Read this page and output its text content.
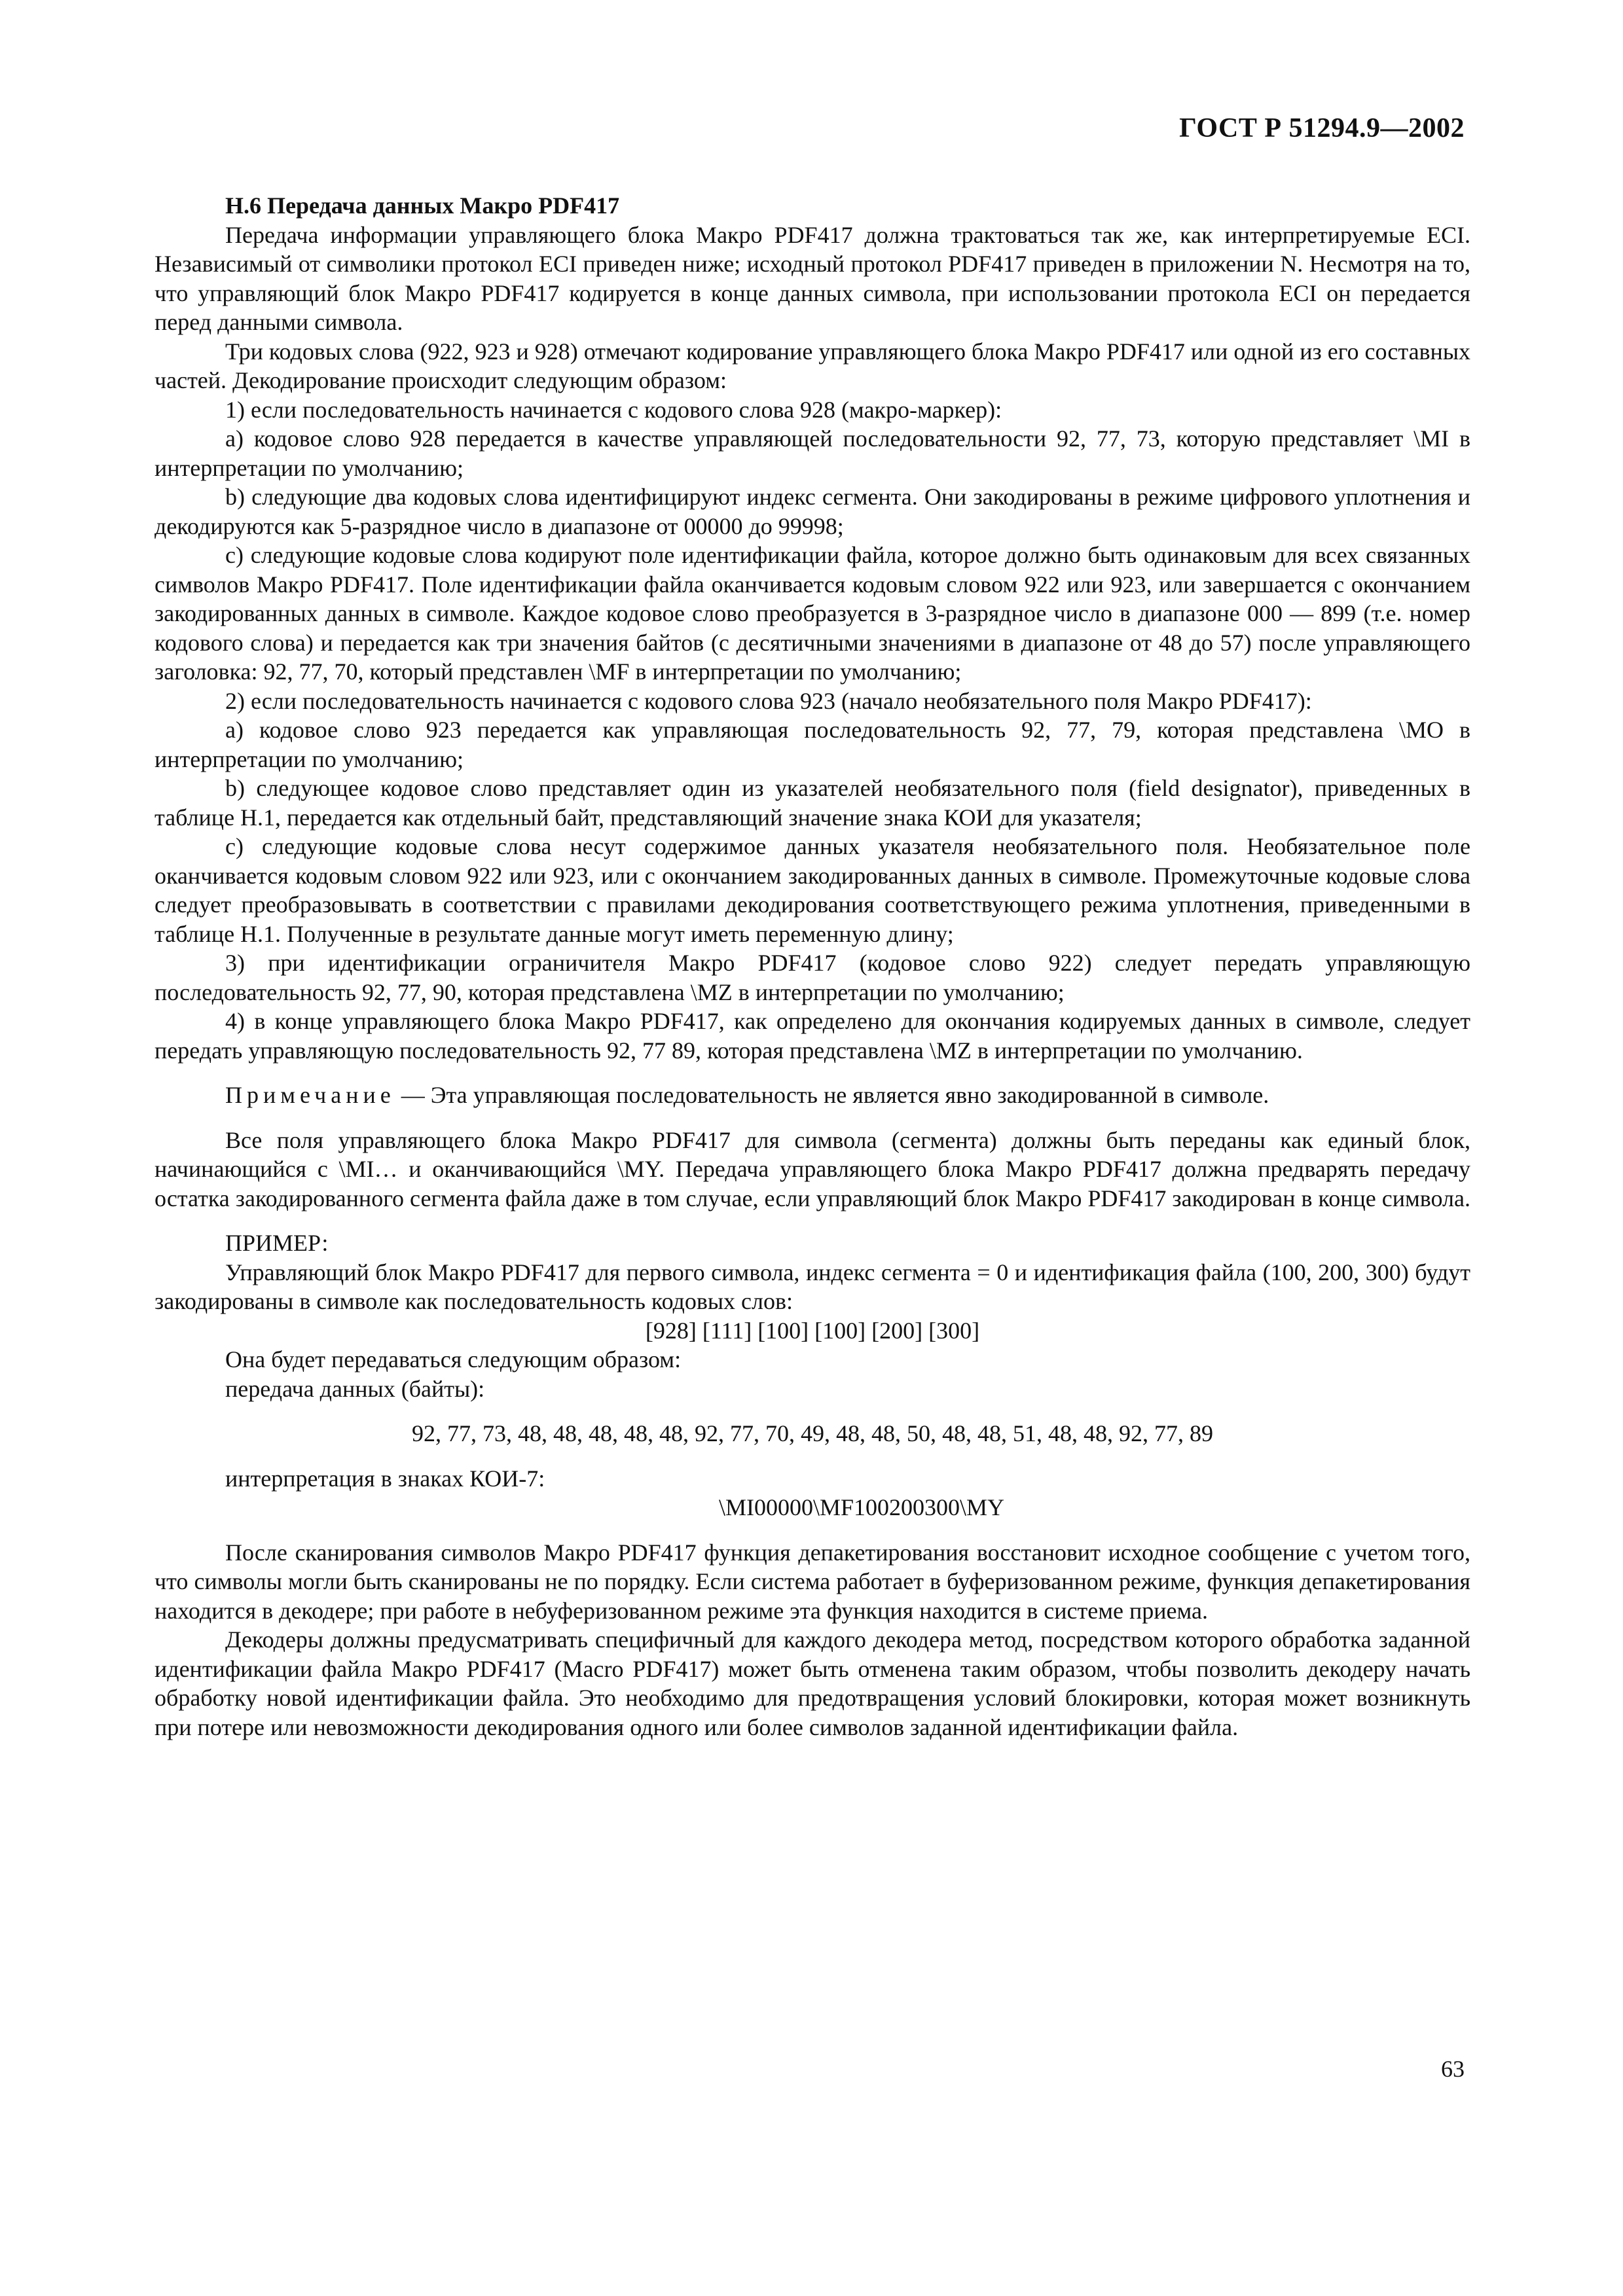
ГОСТ Р 51294.9—2002
Н.6 Передача данных Макро PDF417

Передача информации управляющего блока Макро PDF417 должна трактоваться так же, как интерпретируемые ECI. Независимый от символики протокол ECI приведен ниже; исходный протокол PDF417 приведен в приложении N. Несмотря на то, что управляющий блок Макро PDF417 кодируется в конце данных символа, при использовании протокола ECI он передается перед данными символа.

Три кодовых слова (922, 923 и 928) отмечают кодирование управляющего блока Макро PDF417 или одной из его составных частей. Декодирование происходит следующим образом:

1) если последовательность начинается с кодового слова 928 (макро-маркер):

a) кодовое слово 928 передается в качестве управляющей последовательности 92, 77, 73, которую представляет \MI в интерпретации по умолчанию;

b) следующие два кодовых слова идентифицируют индекс сегмента. Они закодированы в режиме цифрового уплотнения и декодируются как 5-разрядное число в диапазоне от 00000 до 99998;

c) следующие кодовые слова кодируют поле идентификации файла, которое должно быть одинаковым для всех связанных символов Макро PDF417. Поле идентификации файла оканчивается кодовым словом 922 или 923, или завершается с окончанием закодированных данных в символе. Каждое кодовое слово преобразуется в 3-разрядное число в диапазоне 000 — 899 (т.е. номер кодового слова) и передается как три значения байтов (с десятичными значениями в диапазоне от 48 до 57) после управляющего заголовка: 92, 77, 70, который представлен \MF в интерпретации по умолчанию;

2) если последовательность начинается с кодового слова 923 (начало необязательного поля Макро PDF417):

a) кодовое слово 923 передается как управляющая последовательность 92, 77, 79, которая представлена \MO в интерпретации по умолчанию;

b) следующее кодовое слово представляет один из указателей необязательного поля (field designator), приведенных в таблице Н.1, передается как отдельный байт, представляющий значение знака КОИ для указателя;

c) следующие кодовые слова несут содержимое данных указателя необязательного поля. Необязательное поле оканчивается кодовым словом 922 или 923, или с окончанием закодированных данных в символе. Промежуточные кодовые слова следует преобразовывать в соответствии с правилами декодирования соответствующего режима уплотнения, приведенными в таблице Н.1. Полученные в результате данные могут иметь переменную длину;

3) при идентификации ограничителя Макро PDF417 (кодовое слово 922) следует передать управляющую последовательность 92, 77, 90, которая представлена \MZ в интерпретации по умолчанию;

4) в конце управляющего блока Макро PDF417, как определено для окончания кодируемых данных в символе, следует передать управляющую последовательность 92, 77 89, которая представлена \MZ в интерпретации по умолчанию.

Примечание — Эта управляющая последовательность не является явно закодированной в символе.

Все поля управляющего блока Макро PDF417 для символа (сегмента) должны быть переданы как единый блок, начинающийся с \MI… и оканчивающийся \MY. Передача управляющего блока Макро PDF417 должна предварять передачу остатка закодированного сегмента файла даже в том случае, если управляющий блок Макро PDF417 закодирован в конце символа.

ПРИМЕР:

Управляющий блок Макро PDF417 для первого символа, индекс сегмента = 0 и идентификация файла (100, 200, 300) будут закодированы в символе как последовательность кодовых слов:

[928] [111] [100] [100] [200] [300]

Она будет передаваться следующим образом:

передача данных (байты):

92, 77, 73, 48, 48, 48, 48, 48, 92, 77, 70, 49, 48, 48, 50, 48, 48, 51, 48, 48, 92, 77, 89

интерпретация в знаках КОИ-7:

\MI00000\MF100200300\MY

После сканирования символов Макро PDF417 функция депакетирования восстановит исходное сообщение с учетом того, что символы могли быть сканированы не по порядку. Если система работает в буферизованном режиме, функция депакетирования находится в декодере; при работе в небуферизованном режиме эта функция находится в системе приема.

Декодеры должны предусматривать специфичный для каждого декодера метод, посредством которого обработка заданной идентификации файла Макро PDF417 (Macro PDF417) может быть отменена таким образом, чтобы позволить декодеру начать обработку новой идентификации файла. Это необходимо для предотвращения условий блокировки, которая может возникнуть при потере или невозможности декодирования одного или более символов заданной идентификации файла.

63
